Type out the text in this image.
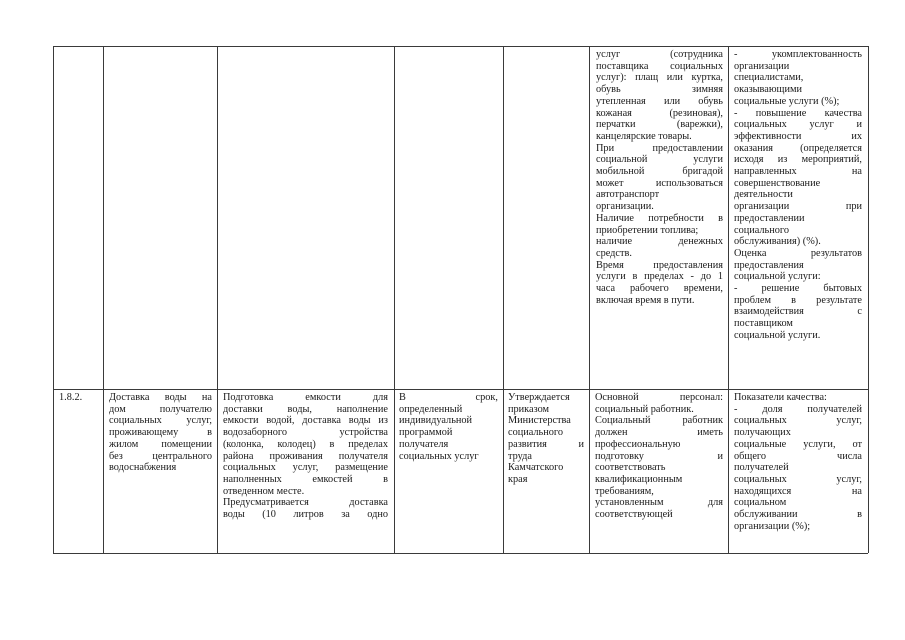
услуг (сотрудника
поставщика социальных
услуг): плащ или куртка,
обувь зимняя
утепленная или обувь
кожаная (резиновая),
перчатки (варежки),
канцелярские товары.
При предоставлении
социальной услуги
мобильной бригадой
может использоваться
автотранспорт
организации.
Наличие потребности в
приобретении топлива;
наличие денежных
средств.
Время предоставления
услуги в пределах - до 1
часа рабочего времени,
включая время в пути.
- укомплектованность
организации
специалистами,
оказывающими
социальные услуги (%);
- повышение качества
социальных услуг и
эффективности их
оказания (определяется
исходя из мероприятий,
направленных на
совершенствование
деятельности
организации при
предоставлении
социального
обслуживания) (%).
Оценка результатов
предоставления
социальной услуги:
- решение бытовых
проблем в результате
взаимодействия с
поставщиком
социальной услуги.
1.8.2.	Доставка воды на
дом получателю
социальных услуг,
проживающему в
жилом помещении
без центрального
водоснабжения
Подготовка емкости для
доставки воды, наполнение
емкости водой, доставка воды из
водозаборного устройства
(колонка, колодец) в пределах
района проживания получателя
социальных услуг, размещение
наполненных емкостей в
отведенном месте.
Предусматривается доставка
воды (10 литров за одно
В срок,
определенный
индивидуальной
программой
получателя
социальных услуг
Утверждается
приказом
Министерства
социального
развития и
труда
Камчатского
края
Основной персонал:
социальный работник.
Социальный работник
должен иметь
профессиональную
подготовку и
соответствовать
квалификационным
требованиям,
установленным для
соответствующей
Показатели качества:
- доля получателей
социальных услуг,
получающих
социальные услуги, от
общего числа
получателей
социальных услуг,
находящихся на
социальном
обслуживании в
организации (%);
